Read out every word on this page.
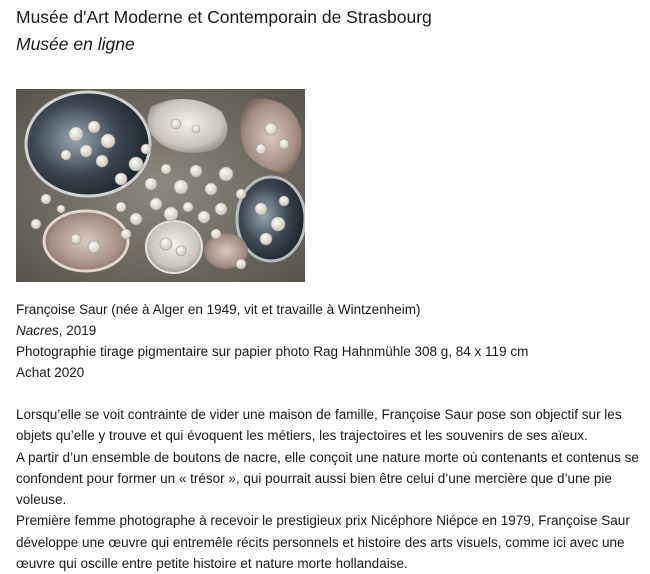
Musée d'Art Moderne et Contemporain de Strasbourg
Musée en ligne
Françoise Saur (née à Alger en 1949, vit et travaille à Wintzenheim)
Nacres, 2019
Photographie tirage pigmentaire sur papier photo Rag Hahnmühle 308 g, 84 x 119 cm
Achat 2020

Lorsqu’elle se voit contrainte de vider une maison de famille, Françoise Saur pose son objectif sur les objets qu’elle y trouve et qui évoquent les métiers, les trajectoires et les souvenirs de ses aïeux.

A partir d’un ensemble de boutons de nacre, elle conçoit une nature morte où contenants et contenus se confondent pour former un « trésor », qui pourrait aussi bien être celui d’une mercière que d’une pie voleuse.

Première femme photographe à recevoir le prestigieux prix Nicéphore Niépce en 1979, Françoise Saur développe une œuvre qui entremêle récits personnels et histoire des arts visuels, comme ici avec une œuvre qui oscille entre petite histoire et nature morte hollandaise.
